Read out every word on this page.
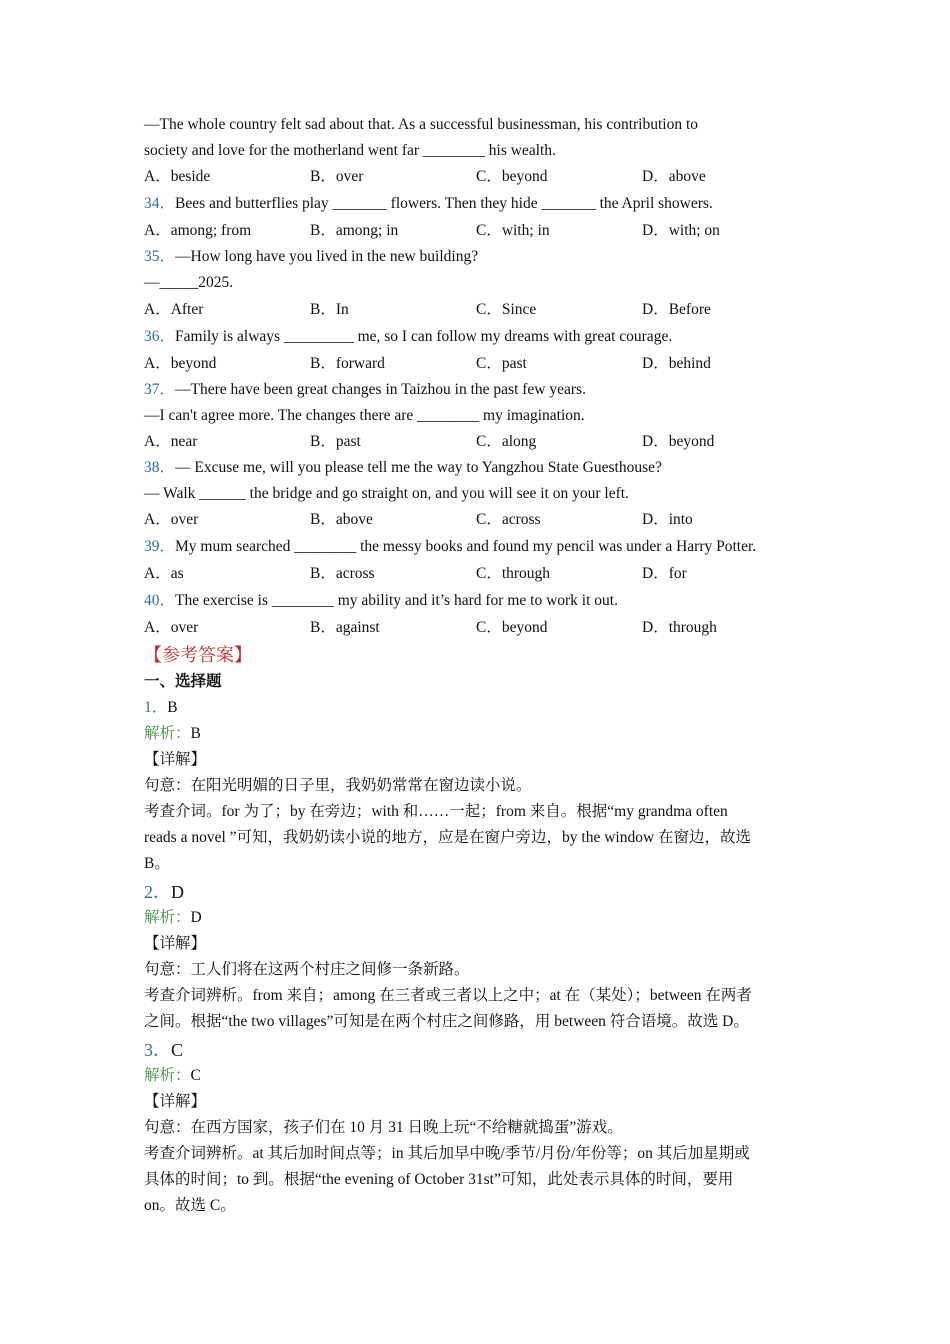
—The whole country felt sad about that. As a successful businessman, his contribution to
society and love for the motherland went far ________ his wealth.
A．beside	B．over	C．beyond	D．above
34．Bees and butterflies play _______ flowers. Then they hide _______ the April showers.
A．among; from	B．among; in	C．with; in	D．with; on
35．—How long have you lived in the new building?
—_____2025.
A．After	B．In	C．Since	D．Before
36．Family is always _________ me, so I can follow my dreams with great courage.
A．beyond	B．forward	C．past	D．behind
37．—There have been great changes in Taizhou in the past few years.
—I can't agree more. The changes there are ________ my imagination.
A．near	B．past	C．along	D．beyond
38．— Excuse me, will you please tell me the way to Yangzhou State Guesthouse?
— Walk ______ the bridge and go straight on, and you will see it on your left.
A．over	B．above	C．across	D．into
39．My mum searched ________ the messy books and found my pencil was under a Harry Potter.
A．as	B．across	C．through	D．for
40．The exercise is ________ my ability and it’s hard for me to work it out.
A．over	B．against	C．beyond	D．through
【参考答案】
一、选择题
1．B
解析：B
【详解】
句意：在阳光明媚的日子里，我奶奶常常在窗边读小说。
考查介词。for 为了；by 在旁边；with 和……一起；from 来自。根据“my grandma often
reads a novel ”可知，我奶奶读小说的地方，应是在窗户旁边，by the window 在窗边，故选
B。
2．D
解析：D
【详解】
句意：工人们将在这两个村庄之间修一条新路。
考查介词辨析。from 来自；among 在三者或三者以上之中；at 在（某处）；between 在两者
之间。根据“the two villages”可知是在两个村庄之间修路，用 between 符合语境。故选 D。
3．C
解析：C
【详解】
句意：在西方国家，孩子们在 10 月 31 日晚上玩“不给糖就捣蛋”游戏。
考查介词辨析。at 其后加时间点等；in 其后加早中晚/季节/月份/年份等；on 其后加星期或
具体的时间；to 到。根据“the evening of October 31st”可知，此处表示具体的时间，要用
on。故选 C。
